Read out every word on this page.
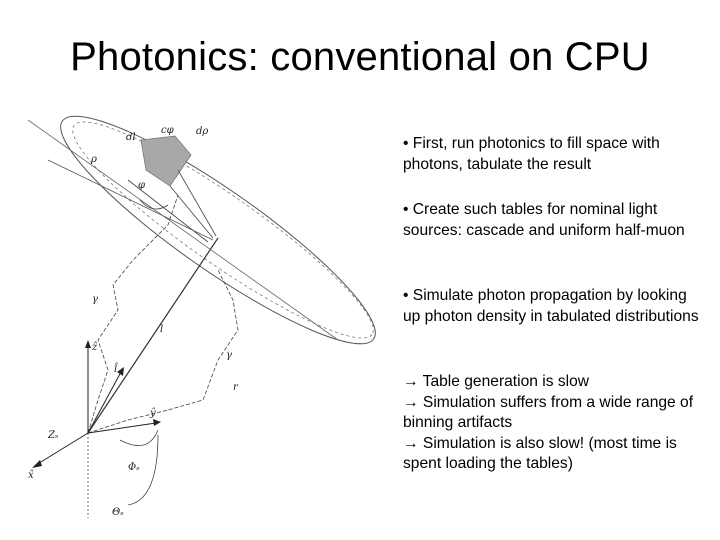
Photonics: conventional on CPU
dl
cφ dρ
ρ
φ
l
r
γ
γ
ẑ
l̂
ŷ
x̂
Zₛ
Φₛ
Θₛ

• First, run photonics to fill space with photons, tabulate the result

• Create such tables for nominal light sources: cascade and uniform half-muon

• Simulate photon propagation by looking up photon density in tabulated distributions

→ Table generation is slow
→ Simulation suffers from a wide range of binning artifacts
→ Simulation is also slow! (most time is spent loading the tables)
